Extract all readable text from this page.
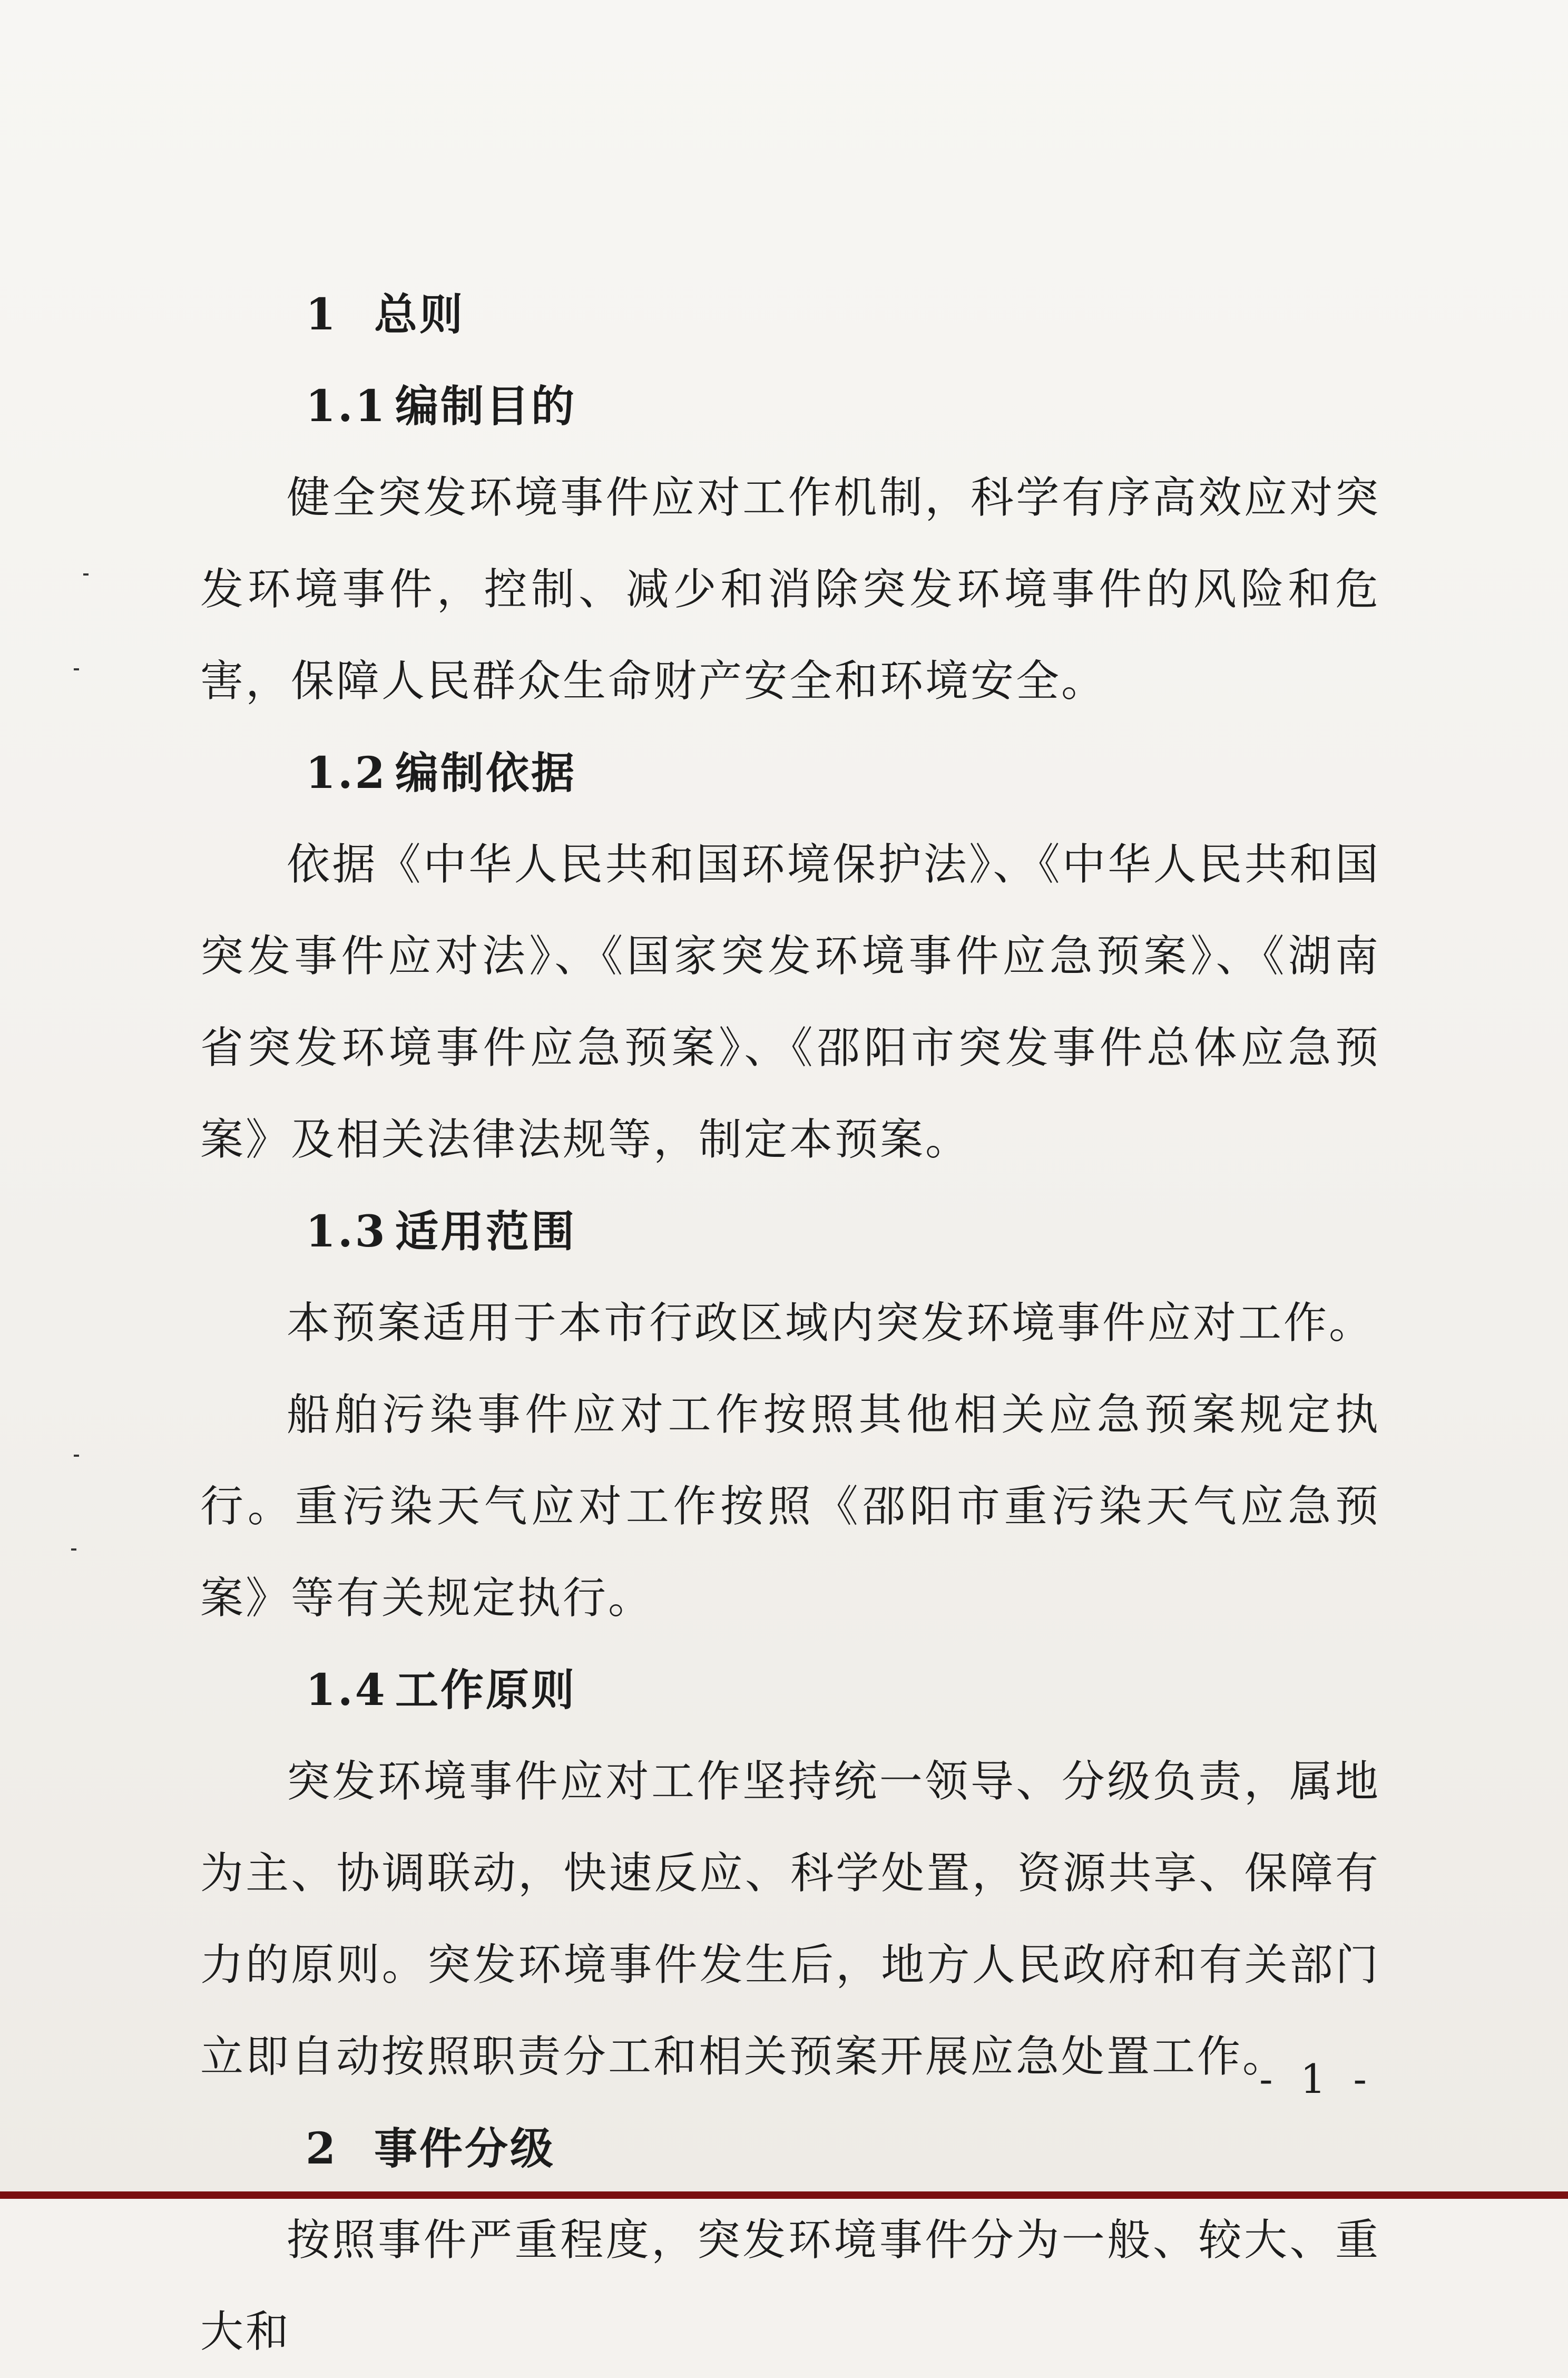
1 总则
1.1 编制目的

健全突发环境事件应对工作机制，科学有序高效应对突发环境事件，控制、减少和消除突发环境事件的风险和危害，保障人民群众生命财产安全和环境安全。

1.2 编制依据

依据《中华人民共和国环境保护法》、《中华人民共和国突发事件应对法》、《国家突发环境事件应急预案》、《湖南省突发环境事件应急预案》、《邵阳市突发事件总体应急预案》及相关法律法规等，制定本预案。

1.3 适用范围

本预案适用于本市行政区域内突发环境事件应对工作。

船舶污染事件应对工作按照其他相关应急预案规定执行。重污染天气应对工作按照《邵阳市重污染天气应急预案》等有关规定执行。

1.4 工作原则

突发环境事件应对工作坚持统一领导、分级负责，属地为主、协调联动，快速反应、科学处置，资源共享、保障有力的原则。突发环境事件发生后，地方人民政府和有关部门立即自动按照职责分工和相关预案开展应急处置工作。

2 事件分级

按照事件严重程度，突发环境事件分为一般、较大、重大和

- 1 -
